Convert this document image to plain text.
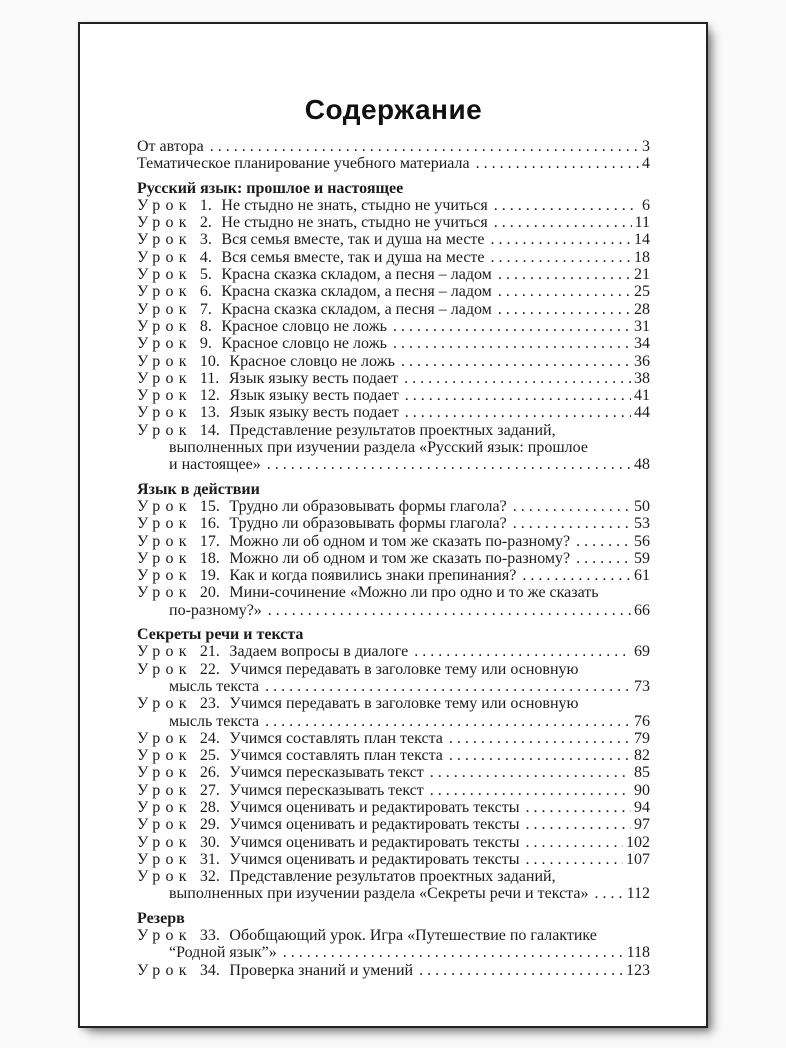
Содержание
От автора . . .	3
Тематическое планирование учебного материала . . .	4
Русский язык: прошлое и настоящее
Урок 1. Не стыдно не знать, стыдно не учиться . . .	6
Урок 2. Не стыдно не знать, стыдно не учиться . . .	11
Урок 3. Вся семья вместе, так и душа на месте . . .	14
Урок 4. Вся семья вместе, так и душа на месте . . .	18
Урок 5. Красна сказка складом, а песня – ладом . . .	21
Урок 6. Красна сказка складом, а песня – ладом . . .	25
Урок 7. Красна сказка складом, а песня – ладом . . .	28
Урок 8. Красное словцо не ложь . . .	31
Урок 9. Красное словцо не ложь . . .	34
Урок 10. Красное словцо не ложь . . .	36
Урок 11. Язык языку весть подает . . .	38
Урок 12. Язык языку весть подает . . .	41
Урок 13. Язык языку весть подает . . .	44
Урок 14. Представление результатов проектных заданий,
выполненных при изучении раздела «Русский язык: прошлое
и настоящее» . . .	48
Язык в действии
Урок 15. Трудно ли образовывать формы глагола? . . .	50
Урок 16. Трудно ли образовывать формы глагола? . . .	53
Урок 17. Можно ли об одном и том же сказать по-разному? . . .	56
Урок 18. Можно ли об одном и том же сказать по-разному? . . .	59
Урок 19. Как и когда появились знаки препинания? . . .	61
Урок 20. Мини-сочинение «Можно ли про одно и то же сказать
по-разному?» . . .	66
Секреты речи и текста
Урок 21. Задаем вопросы в диалоге . . .	69
Урок 22. Учимся передавать в заголовке тему или основную
мысль текста . . .	73
Урок 23. Учимся передавать в заголовке тему или основную
мысль текста . . .	76
Урок 24. Учимся составлять план текста . . .	79
Урок 25. Учимся составлять план текста . . .	82
Урок 26. Учимся пересказывать текст . . .	85
Урок 27. Учимся пересказывать текст . . .	90
Урок 28. Учимся оценивать и редактировать тексты . . .	94
Урок 29. Учимся оценивать и редактировать тексты . . .	97
Урок 30. Учимся оценивать и редактировать тексты . . .	102
Урок 31. Учимся оценивать и редактировать тексты . . .	107
Урок 32. Представление результатов проектных заданий,
выполненных при изучении раздела «Секреты речи и текста» . . . 112
Резерв
Урок 33. Обобщающий урок. Игра «Путешествие по галактике
“Родной язык”» . . .	118
Урок 34. Проверка знаний и умений . . .	123
